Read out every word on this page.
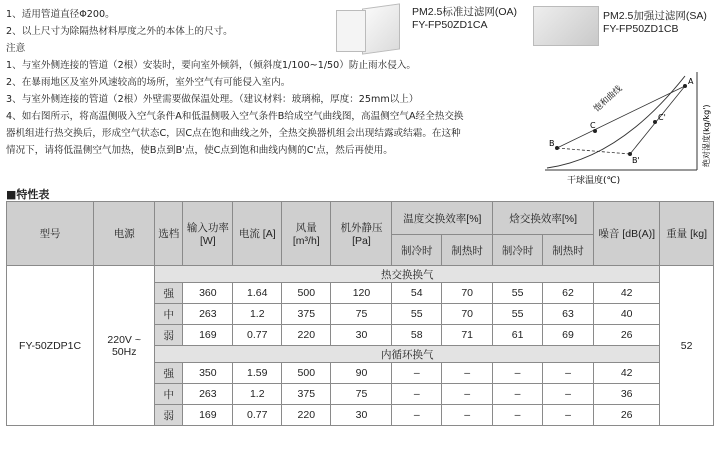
1、适用管道直径Φ200。
2、以上尺寸为除隔热材料厚度之外的本体上的尺寸。
注意
1、与室外侧连接的管道（2根）安装时，要向室外倾斜，（倾斜度1/100~1/50）防止雨水侵入。
2、在暴雨地区及室外风速较高的场所，室外空气有可能侵入室内。
3、与室外侧连接的管道（2根）外壁需要做保温处理。（建议材料：玻璃棉，厚度：25mm以上）
4、如右图所示，将高温侧吸入空气条件A和低温侧吸入空气条件B给成空气曲线图，高温侧空气A经全热交换
器机组进行热交换后，形成空气状态C，因C点在饱和曲线之外，全热交换器机组会出现结露或结霜。在这种
情况下，请将低温侧空气加热，使B点到B'点，使C点到饱和曲线内侧的C'点，然后再使用。
PM2.5标准过滤网(OA)
FY-FP50ZD1CA
PM2.5加强过滤网(SA)
FY-FP50ZD1CB
A
B
C
B'
C'
饱和曲线
绝对湿度(kg/kg')
干球温度(℃)
■特性表
型号	电源	选档	输入功率 [W]	电流 [A]	风量 [m³/h]	机外静压 [Pa]	温度交换效率[%]		焓交换效率[%]		噪音 [dB(A)]	重量 [kg]
							制冷时	制热时	制冷时	制热时		
FY-50ZDP1C	220V ~ 50Hz	热交换换气										52
		强	360	1.64	500	120	54	70	55	62	42	
		中	263	1.2	375	75	55	70	55	63	40	
		弱	169	0.77	220	30	58	71	61	69	26	
		内循环换气										
		强	350	1.59	500	90	–	–	–	–	42	
		中	263	1.2	375	75	–	–	–	–	36	
		弱	169	0.77	220	30	–	–	–	–	26	
